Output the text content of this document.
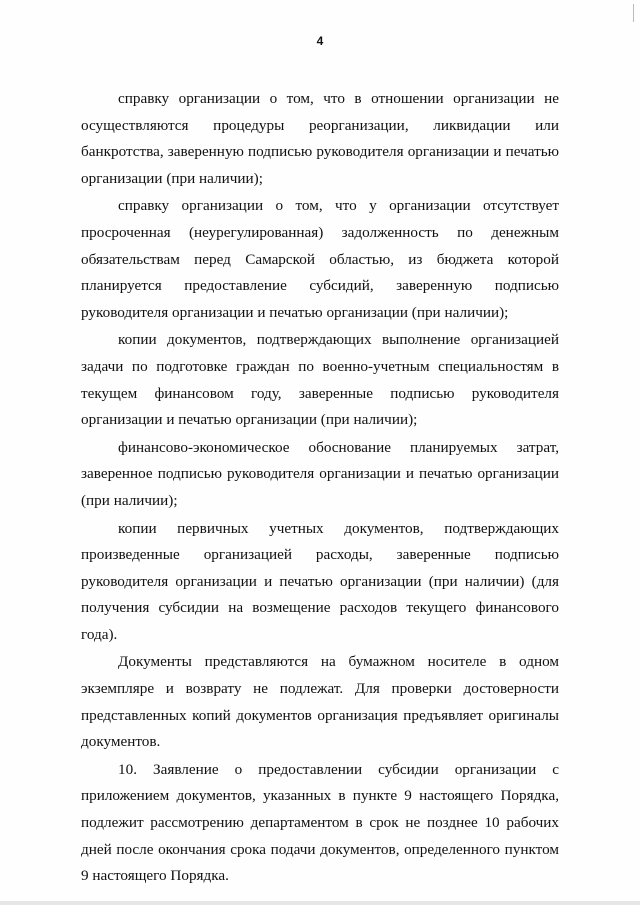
4

справку организации о том, что в отношении организации не осуществляются процедуры реорганизации, ликвидации или банкротства, заверенную подписью руководителя организации и печатью организации (при наличии);

справку организации о том, что у организации отсутствует просроченная (неурегулированная) задолженность по денежным обязательствам перед Самарской областью, из бюджета которой планируется предоставление субсидий, заверенную подписью руководителя организации и печатью организации (при наличии);

копии документов, подтверждающих выполнение организацией задачи по подготовке граждан по военно-учетным специальностям в текущем финансовом году, заверенные подписью руководителя организации и печатью организации (при наличии);

финансово-экономическое обоснование планируемых затрат, заверенное подписью руководителя организации и печатью организации (при наличии);

копии первичных учетных документов, подтверждающих произведенные организацией расходы, заверенные подписью руководителя организации и печатью организации (при наличии) (для получения субсидии на возмещение расходов текущего финансового года).

Документы представляются на бумажном носителе в одном экземпляре и возврату не подлежат. Для проверки достоверности представленных копий документов организация предъявляет оригиналы документов.

10. Заявление о предоставлении субсидии организации с приложением документов, указанных в пункте 9 настоящего Порядка, подлежит рассмотрению департаментом в срок не позднее 10 рабочих дней после окончания срока подачи документов, определенного пунктом 9 настоящего Порядка.
